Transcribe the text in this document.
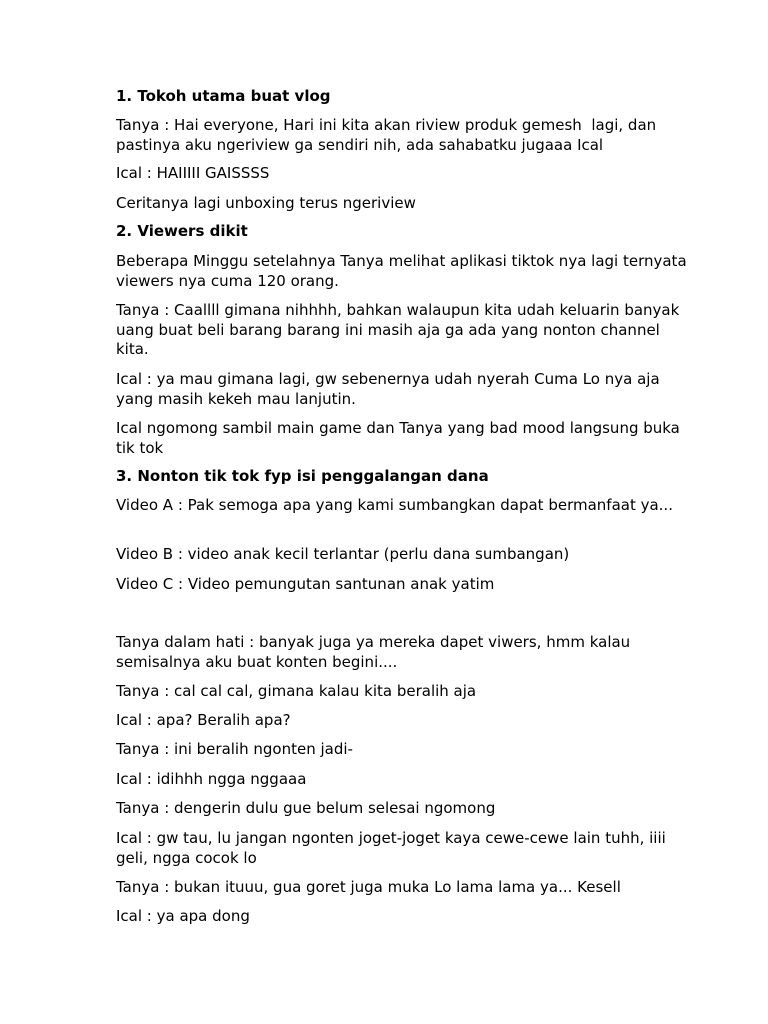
1. Tokoh utama buat vlog
Tanya : Hai everyone, Hari ini kita akan riview produk gemesh  lagi, dan pastinya aku ngeriview ga sendiri nih, ada sahabatku jugaaa Ical
Ical : HAIIIII GAISSSS
Ceritanya lagi unboxing terus ngeriview
2. Viewers dikit
Beberapa Minggu setelahnya Tanya melihat aplikasi tiktok nya lagi ternyata viewers nya cuma 120 orang.
Tanya : Caallll gimana nihhhh, bahkan walaupun kita udah keluarin banyak uang buat beli barang barang ini masih aja ga ada yang nonton channel kita.
Ical : ya mau gimana lagi, gw sebenernya udah nyerah Cuma Lo nya aja yang masih kekeh mau lanjutin.
Ical ngomong sambil main game dan Tanya yang bad mood langsung buka tik tok
3. Nonton tik tok fyp isi penggalangan dana
Video A : Pak semoga apa yang kami sumbangkan dapat bermanfaat ya...
Video B : video anak kecil terlantar (perlu dana sumbangan)
Video C : Video pemungutan santunan anak yatim
Tanya dalam hati : banyak juga ya mereka dapet viwers, hmm kalau semisalnya aku buat konten begini....
Tanya : cal cal cal, gimana kalau kita beralih aja
Ical : apa? Beralih apa?
Tanya : ini beralih ngonten jadi-
Ical : idihhh ngga nggaaa
Tanya : dengerin dulu gue belum selesai ngomong
Ical : gw tau, lu jangan ngonten joget-joget kaya cewe-cewe lain tuhh, iiii geli, ngga cocok lo
Tanya : bukan ituuu, gua goret juga muka Lo lama lama ya... Kesell
Ical : ya apa dong
